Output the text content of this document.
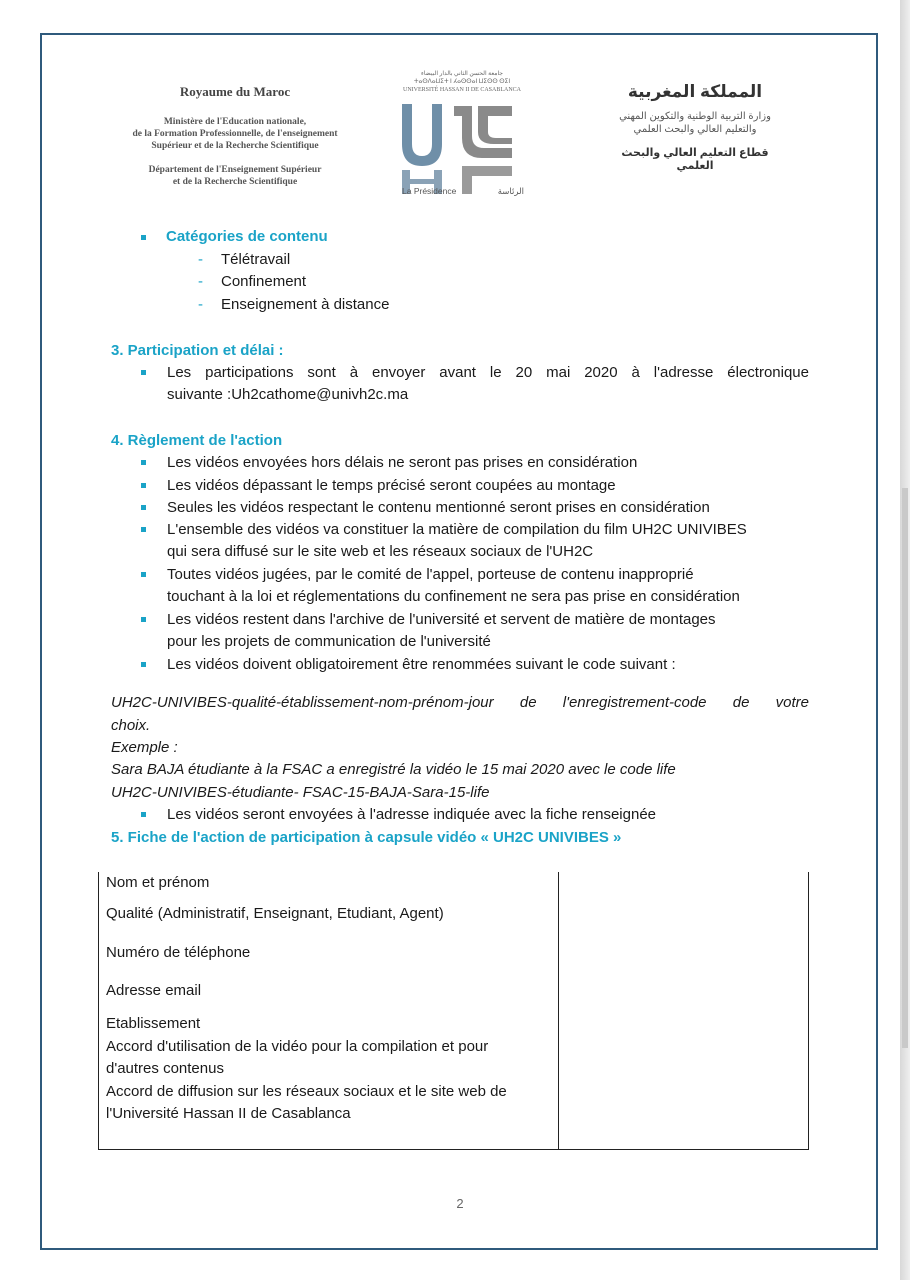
Royaume du Maroc
Ministère de l'Education nationale,
de la Formation Professionnelle, de l'enseignement
Supérieur et de la Recherche Scientifique
Département de l'Enseignement Supérieur
et de la Recherche Scientifique
جامعة الحسن الثاني بالدار البيضاء
ⵜⴰⵙⴷⴰⵡⵉⵜ ⵏ ⵃⴰⵙⵙⴰⵏ ⵡⵉⵙⵙ ⵙⵉⵏ
UNIVERSITÉ HASSAN II DE CASABLANCA
La Présidence	الرئاسة
المملكة المغربية
وزارة التربية الوطنية والتكوين المهني
والتعليم العالي والبحث العلمي
قطاع التعليم العالي والبحث العلمي
Catégories de contenu
- Télétravail
- Confinement
- Enseignement à distance
3. Participation et délai :
Les participations sont à envoyer avant le 20 mai 2020 à l'adresse électronique
suivante :Uh2cathome@univh2c.ma
4. Règlement de l'action
Les vidéos envoyées hors délais ne seront pas prises en considération
Les vidéos dépassant le temps précisé seront coupées au montage
Seules les vidéos respectant le contenu mentionné seront prises en considération
L'ensemble des vidéos va constituer la matière de compilation du film UH2C UNIVIBES
qui sera diffusé sur le site web et les réseaux sociaux de l'UH2C
Toutes vidéos jugées, par le comité de l'appel, porteuse de contenu inapproprié
touchant à la loi et réglementations du confinement ne sera pas prise en considération
Les vidéos restent dans l'archive de l'université et servent de matière de montages
pour les projets de communication de l'université
Les vidéos doivent obligatoirement être renommées suivant le code suivant :
UH2C-UNIVIBES-qualité-établissement-nom-prénom-jour de l'enregistrement-code de votre
choix.
Exemple :
Sara BAJA étudiante à la FSAC a enregistré la vidéo le 15 mai 2020 avec le code life
UH2C-UNIVIBES-étudiante- FSAC-15-BAJA-Sara-15-life
Les vidéos seront envoyées à l'adresse indiquée avec la fiche renseignée
5. Fiche de l'action de participation à capsule vidéo « UH2C UNIVIBES »
Nom et prénom
Qualité (Administratif, Enseignant, Etudiant, Agent)
Numéro de téléphone
Adresse email
Etablissement
Accord d'utilisation de la vidéo pour la compilation et pour
d'autres contenus
Accord de diffusion sur les réseaux sociaux et le site web de
l'Université Hassan II de Casablanca
2
